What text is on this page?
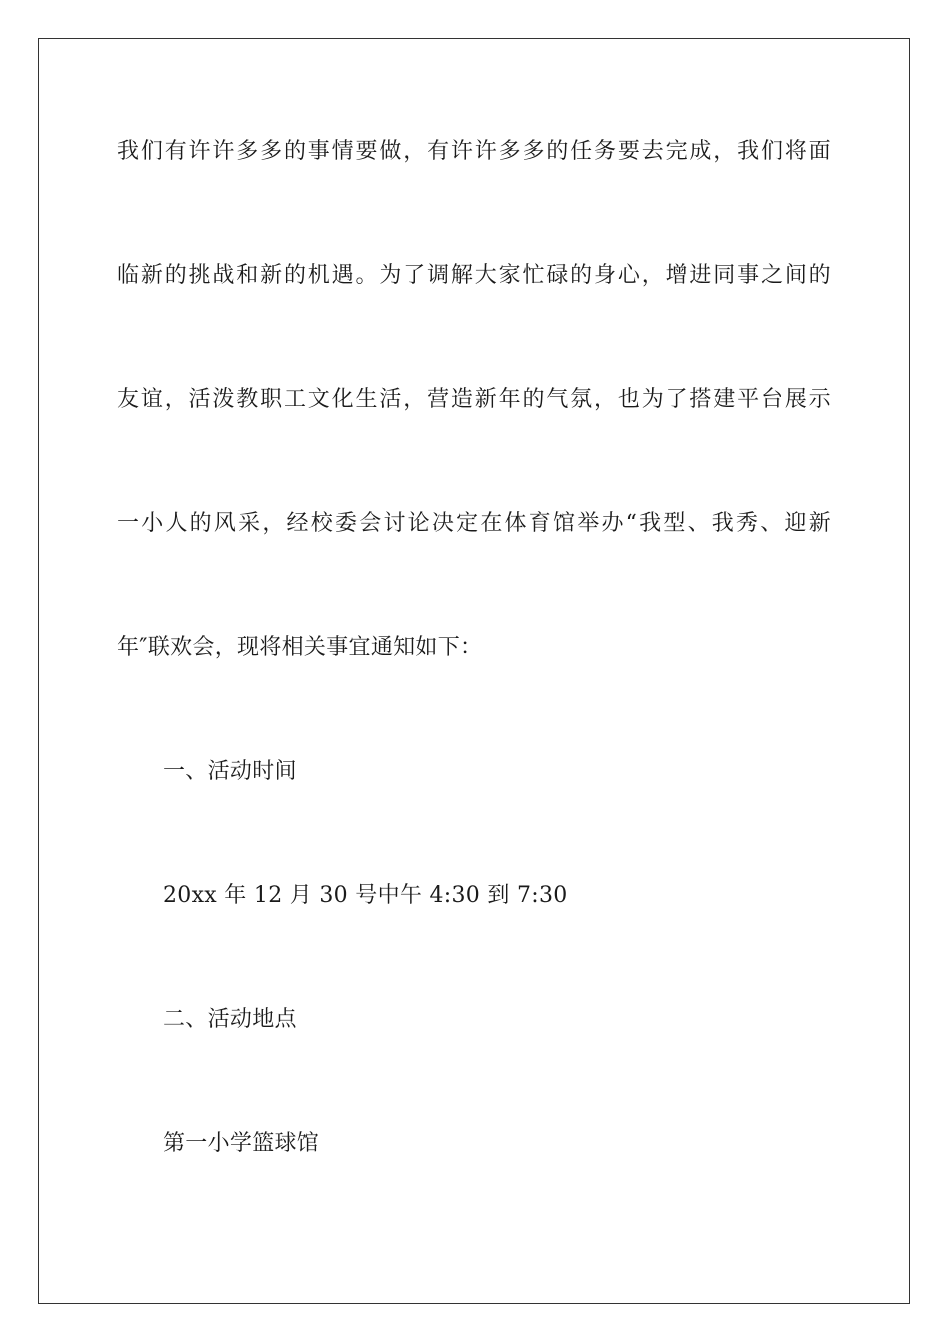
我们有许许多多的事情要做，有许许多多的任务要去完成，我们将面
临新的挑战和新的机遇。为了调解大家忙碌的身心，增进同事之间的
友谊，活泼教职工文化生活，营造新年的气氛，也为了搭建平台展示
一小人的风采，经校委会讨论决定在体育馆举办“我型、我秀、迎新
年″联欢会，现将相关事宜通知如下：
一、活动时间
20xx 年 12 月 30 号中午 4:30 到 7:30
二、活动地点
第一小学篮球馆
